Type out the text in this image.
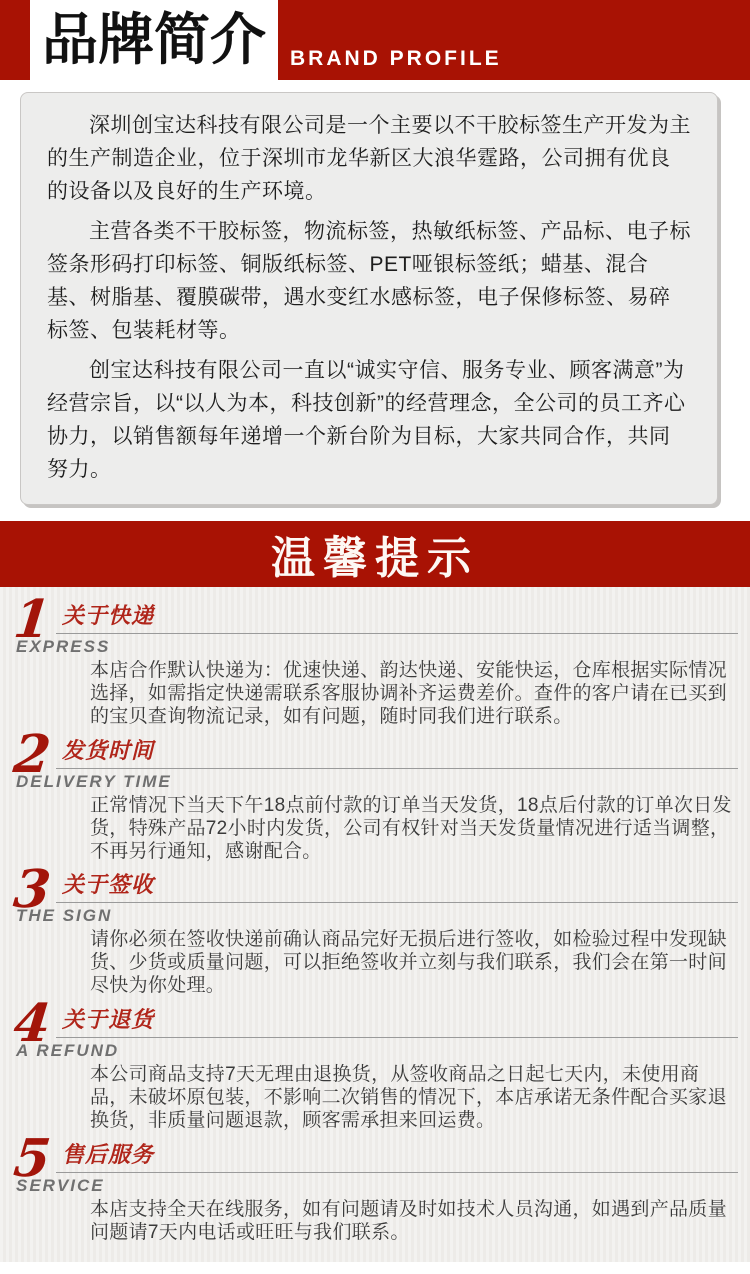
品牌简介 BRAND PROFILE

深圳创宝达科技有限公司是一个主要以不干胶标签生产开发为主的生产制造企业，位于深圳市龙华新区大浪华霆路，公司拥有优良的设备以及良好的生产环境。

主营各类不干胶标签，物流标签，热敏纸标签、产品标、电子标签条形码打印标签、铜版纸标签、PET哑银标签纸；蜡基、混合基、树脂基、覆膜碳带，遇水变红水感标签，电子保修标签、易碎标签、包装耗材等。

创宝达科技有限公司一直以“诚实守信、服务专业、顾客满意”为经营宗旨，以“以人为本，科技创新”的经营理念，全公司的员工齐心协力，以销售额每年递增一个新台阶为目标，大家共同合作，共同努力。

温馨提示
1 关于快递
EXPRESS

本店合作默认快递为：优速快递、韵达快递、安能快运，仓库根据实际情况选择，如需指定快递需联系客服协调补齐运费差价。查件的客户请在已买到的宝贝查询物流记录，如有问题，随时同我们进行联系。

2 发货时间
DELIVERY TIME

正常情况下当天下午18点前付款的订单当天发货，18点后付款的订单次日发货，特殊产品72小时内发货，公司有权针对当天发货量情况进行适当调整，不再另行通知，感谢配合。

3 关于签收
THE SIGN

请你必须在签收快递前确认商品完好无损后进行签收，如检验过程中发现缺货、少货或质量问题，可以拒绝签收并立刻与我们联系，我们会在第一时间尽快为你处理。

4 关于退货
A REFUND

本公司商品支持7天无理由退换货，从签收商品之日起七天内，未使用商品，未破坏原包装，不影响二次销售的情况下，本店承诺无条件配合买家退换货，非质量问题退款，顾客需承担来回运费。

5 售后服务
SERVICE

本店支持全天在线服务，如有问题请及时如技术人员沟通，如遇到产品质量问题请7天内电话或旺旺与我们联系。
